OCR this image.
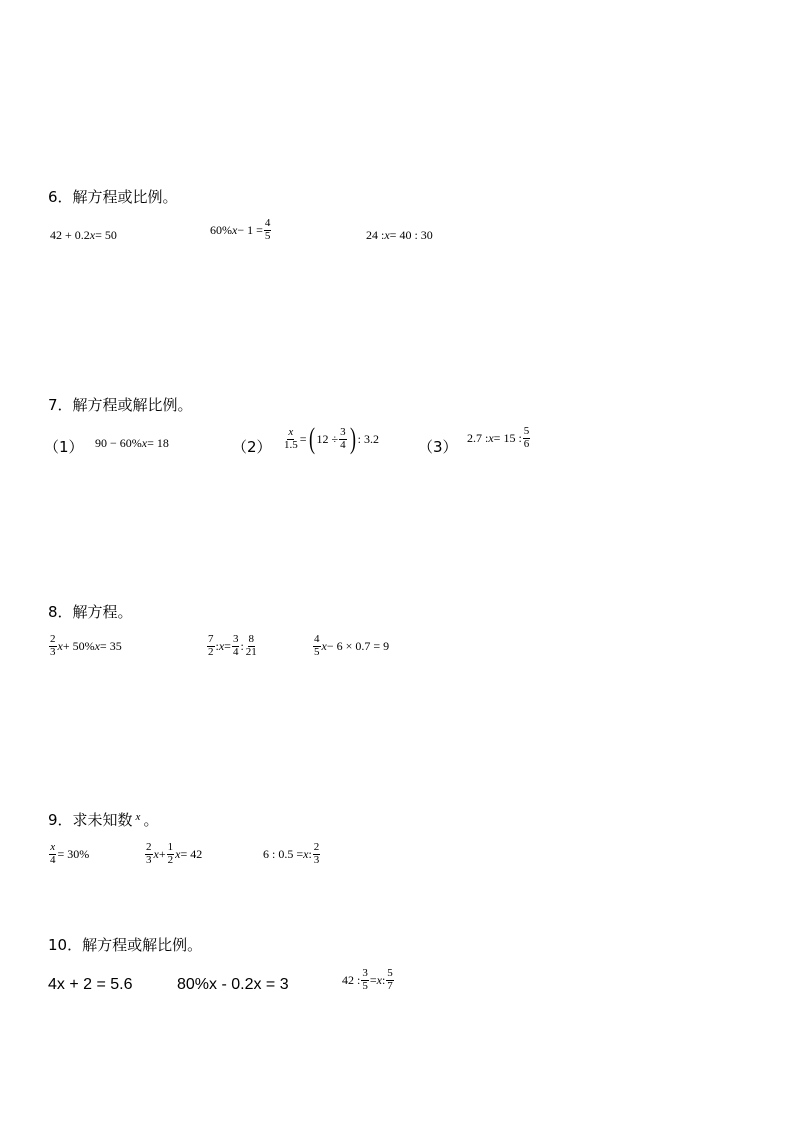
6．解方程或比例。
42 + 0.2 x = 50	60% $x - 1 = \frac{4}{5}$	24 : x = 40 : 30
7．解方程或解比例。
（1） 90 − 60% x = 18	$(2) \frac{x}{1.5}$ = ( $12 \div \frac{3}{4}$ ) : 3.2	（3）
2.7 : x = 15 : $\frac{5}{6}$
8．解方程。
$\frac{2}{3}$ x + 50% x = 35	$\frac{7}{2}$ : $x = \frac{3}{4}$ : $\frac{8}{21}$	$\frac{4}{5}$ x − 6 × 0.7 = 9
9．求未知数 $^x$ 。
$\frac{x}{4} = 30\%$	$\frac{2}{3}$ $x + \frac{1}{2}$ x = 42	6 : 0.5 = x : $\frac{2}{3}$
10．解方程或解比例。
4x + 2 = 5.6	80%x - 0.2x = 3	42 : $\frac{3}{5} = x$ : $\frac{5}{7}$
